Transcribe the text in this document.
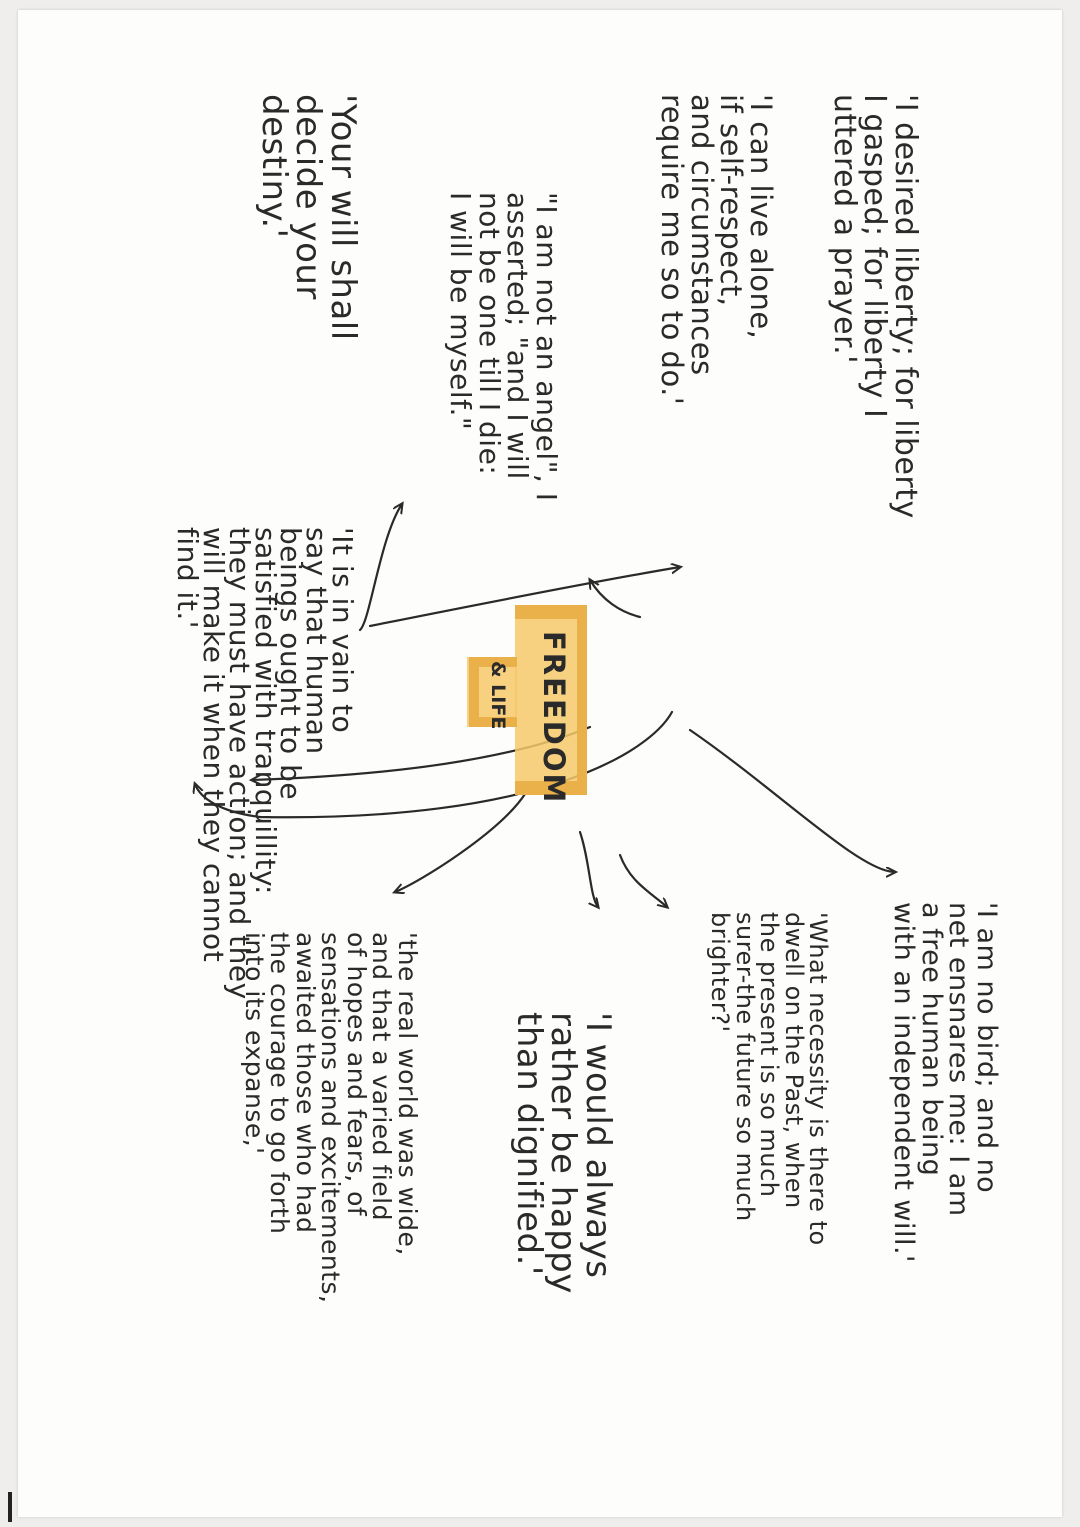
FREEDOM
& LIFE

'I desired liberty; for liberty
I gasped; for liberty I
uttered a prayer.'

'I can live alone,
if self-respect,
and circumstances
require me so to do.'

"I am not an angel", I
asserted; "and I will
not be one till I die:
I will be myself."

'Your will shall
decide your
destiny.'

'It is in vain to
say that human
beings ought to be
satisfied with tranquillity:
they must have action; and they
will make it when they cannot
find it.'

'I am no bird; and no
net ensnares me: I am
a free human being
with an independent will.'

'What necessity is there to
dwell on the Past, when
the present is so much
surer-the future so much
brighter?'

'I would always
rather be happy
than dignified.'

'the real world was wide,
and that a varied field
of hopes and fears, of
sensations and excitements,
awaited those who had
the courage to go forth
into its expanse,'
